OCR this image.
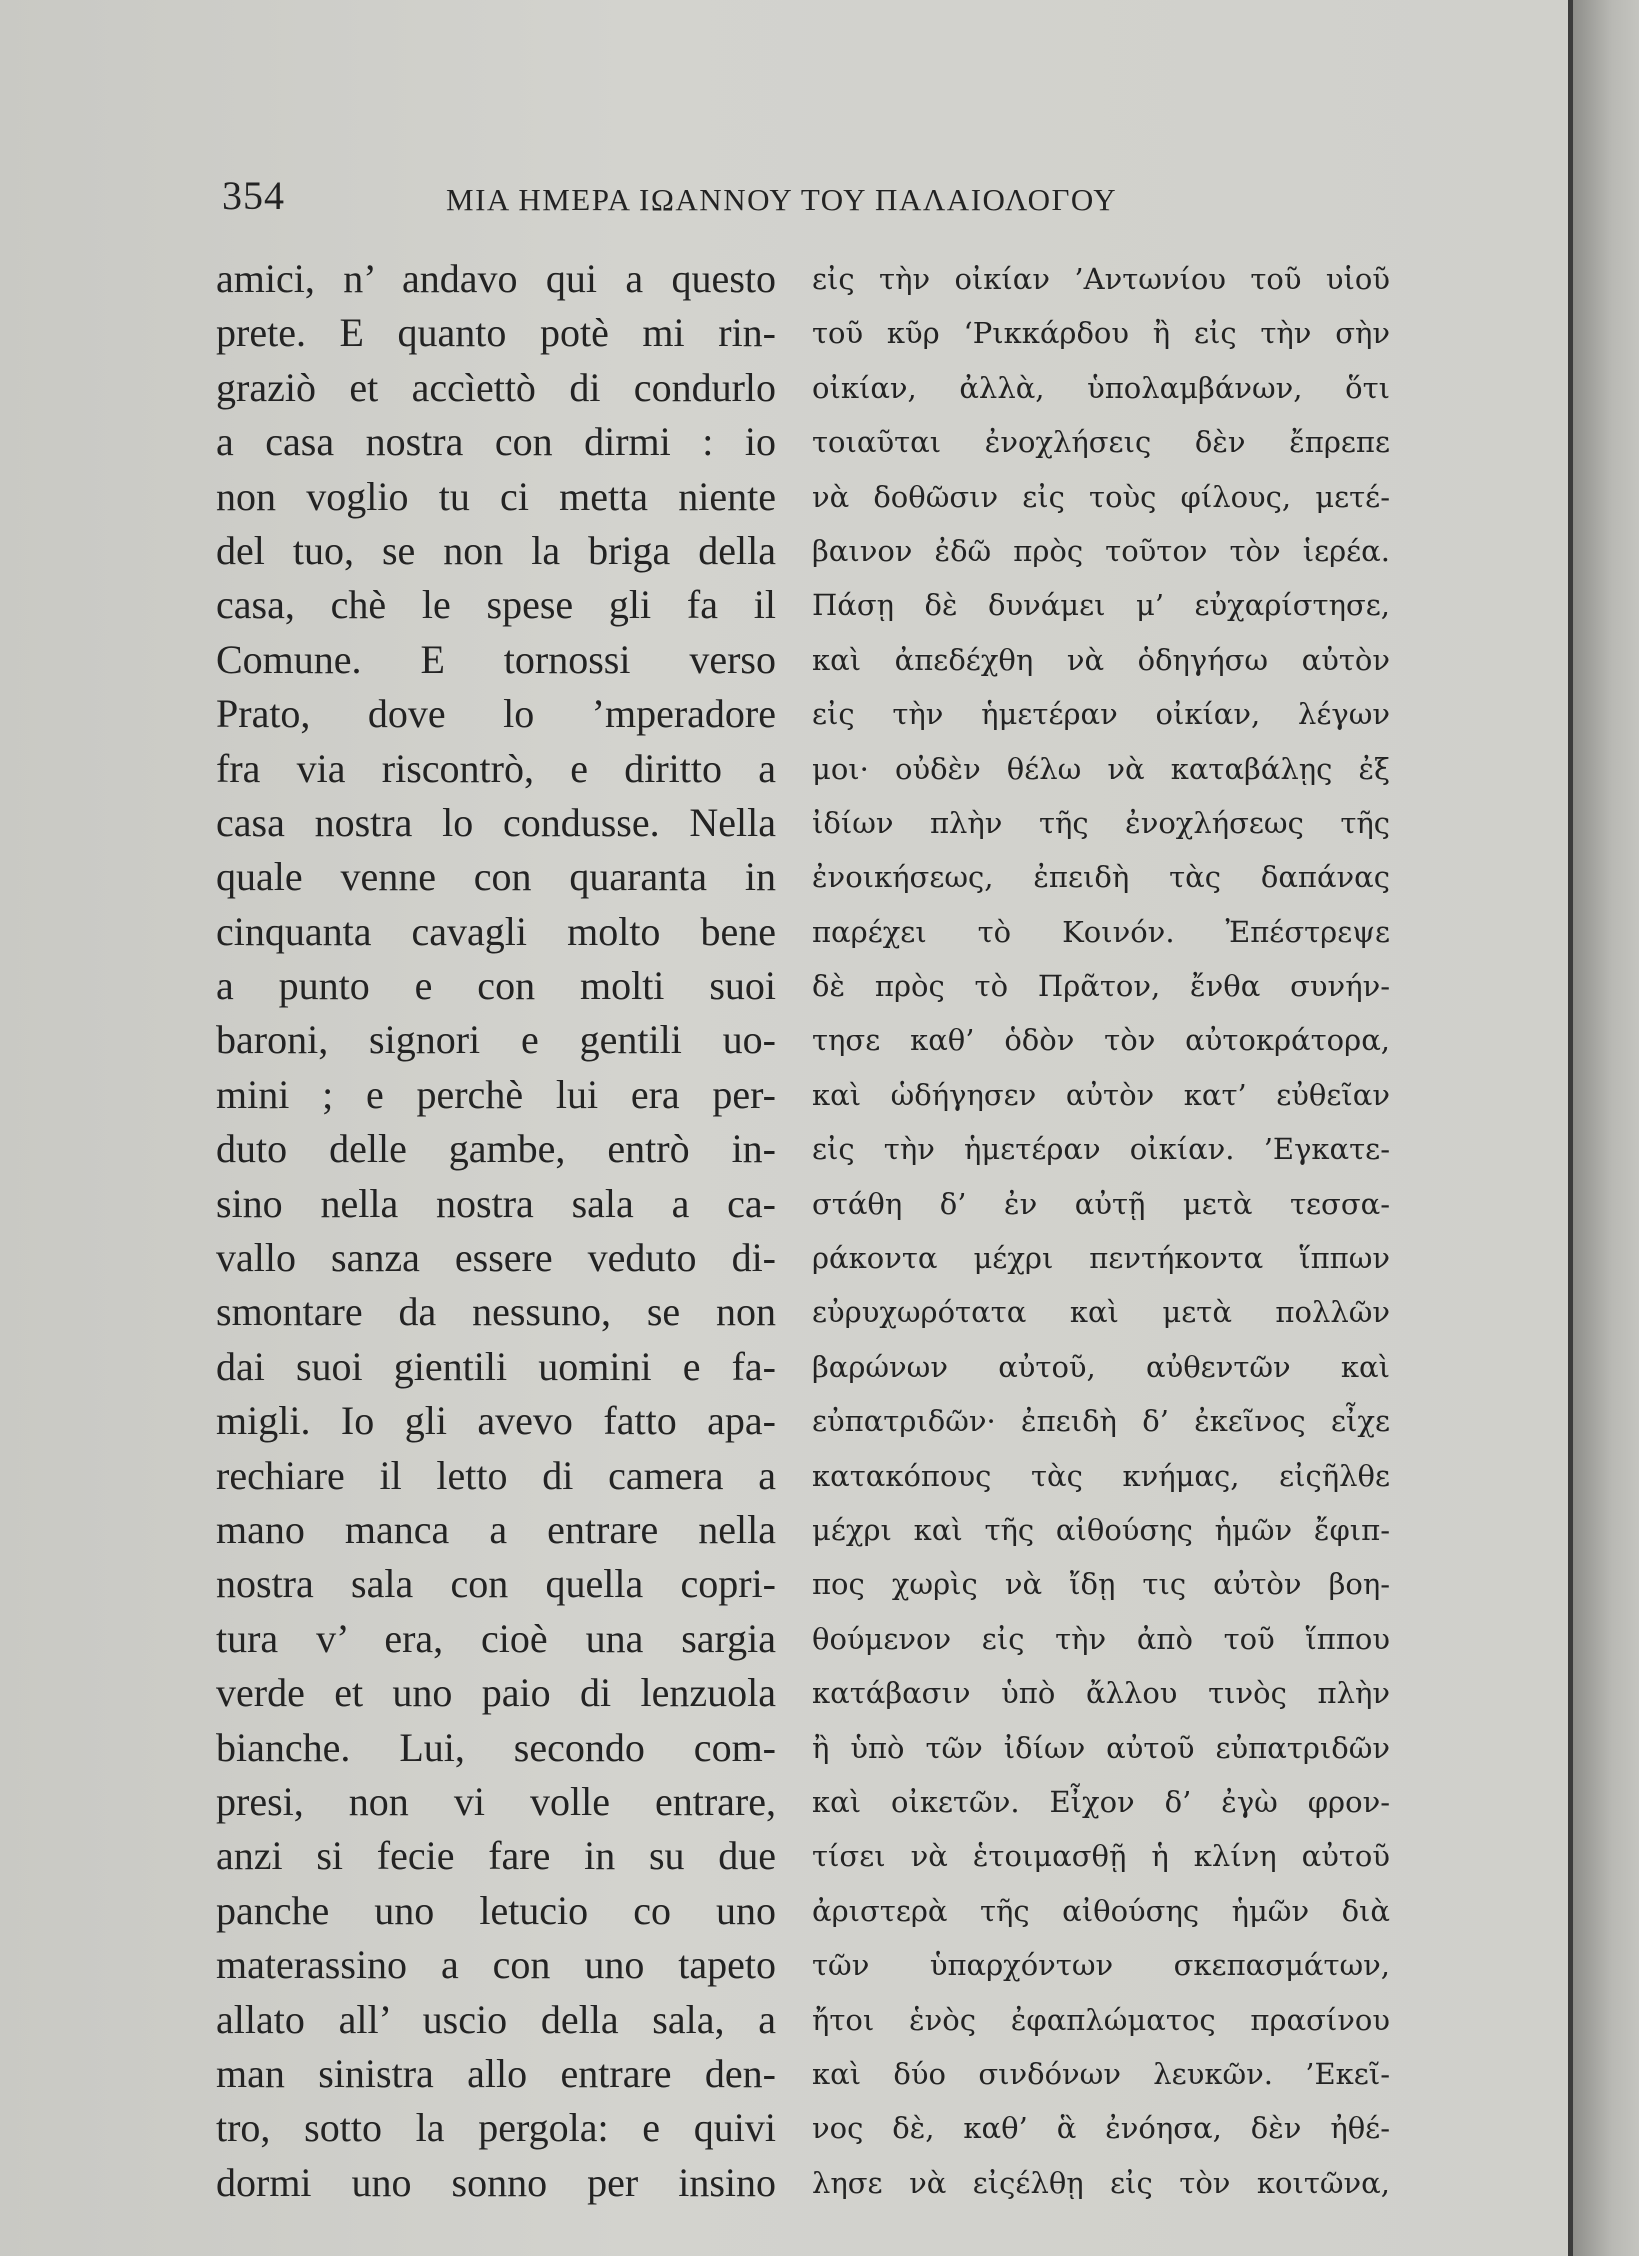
354	ΜΙΑ ΗΜΕΡΑ ΙΩΑΝΝΟΥ ΤΟΥ ΠΑΛΑΙΟΛΟΓΟΥ
amici, n’ andavo qui a questo
prete. E quanto potè mi rin-
graziò et accìettò di condurlo
a casa nostra con dirmi : io
non voglio tu ci metta niente
del tuo, se non la briga della
casa, chè le spese gli fa il
Comune. E tornossi verso
Prato, dove lo ’mperadore
fra via riscontrò, e diritto a
casa nostra lo condusse. Nella
quale venne con quaranta in
cinquanta cavagli molto bene
a punto e con molti suoi
baroni, signori e gentili uo-
mini ; e perchè lui era per-
duto delle gambe, entrò in-
sino nella nostra sala a ca-
vallo sanza essere veduto di-
smontare da nessuno, se non
dai suoi gientili uomini e fa-
migli. Io gli avevo fatto apa-
rechiare il letto di camera a
mano manca a entrare nella
nostra sala con quella copri-
tura v’ era, cioè una sargia
verde et uno paio di lenzuola
bianche. Lui, secondo com-
presi, non vi volle entrare,
anzi si fecie fare in su due
panche uno letucio co uno
materassino a con uno tapeto
allato all’ uscio della sala, a
man sinistra allo entrare den-
tro, sotto la pergola: e quivi
dormi uno sonno per insino
εἰς τὴν οἰκίαν ’Αντωνίου τοῦ υἱοῦ
τοῦ κῦρ ‘Ρικκάρδου ἢ εἰς τὴν σὴν
οἰκίαν, ἀλλὰ, ὑπολαμβάνων, ὅτι
τοιαῦται ἐνοχλήσεις δὲν ἔπρεπε
νὰ δοθῶσιν εἰς τοὺς φίλους, μετέ-
βαινον ἐδῶ πρὸς τοῦτον τὸν ἱερέα.
Πάσῃ δὲ δυνάμει μ’ εὐχαρίστησε,
καὶ ἀπεδέχθη νὰ ὁδηγήσω αὐτὸν
εἰς τὴν ἡμετέραν οἰκίαν, λέγων
μοι· οὐδὲν θέλω νὰ καταβάλῃς ἐξ
ἰδίων πλὴν τῆς ἐνοχλήσεως τῆς
ἐνοικήσεως, ἐπειδὴ τὰς δαπάνας
παρέχει τὸ Κοινόν. Ἐπέστρεψε
δὲ πρὸς τὸ Πρᾶτον, ἔνθα συνήν-
τησε καθ’ ὁδὸν τὸν αὐτοκράτορα,
καὶ ὡδήγησεν αὐτὸν κατ’ εὐθεῖαν
εἰς τὴν ἡμετέραν οἰκίαν. ’Εγκατε-
στάθη δ’ ἐν αὐτῇ μετὰ τεσσα-
ράκοντα μέχρι πεντήκοντα ἵππων
εὐρυχωρότατα καὶ μετὰ πολλῶν
βαρώνων αὐτοῦ, αὐθεντῶν καὶ
εὐπατριδῶν· ἐπειδὴ δ’ ἐκεῖνος εἶχε
κατακόπους τὰς κνήμας, εἰςῆλθε
μέχρι καὶ τῆς αἰθούσης ἡμῶν ἔφιπ-
πος χωρὶς νὰ ἴδῃ τις αὐτὸν βοη-
θούμενον εἰς τὴν ἀπὸ τοῦ ἵππου
κατάβασιν ὑπὸ ἄλλου τινὸς πλὴν
ἢ ὑπὸ τῶν ἰδίων αὐτοῦ εὐπατριδῶν
καὶ οἰκετῶν. Εἶχον δ’ ἐγὼ φρον-
τίσει νὰ ἑτοιμασθῇ ἡ κλίνη αὐτοῦ
ἀριστερὰ τῆς αἰθούσης ἡμῶν διὰ
τῶν ὑπαρχόντων σκεπασμάτων,
ἤτοι ἑνὸς ἐφαπλώματος πρασίνου
καὶ δύο σινδόνων λευκῶν. ’Εκεῖ-
νος δὲ, καθ’ ἃ ἐνόησα, δὲν ἠθέ-
λησε νὰ εἰςέλθῃ εἰς τὸν κοιτῶνα,
